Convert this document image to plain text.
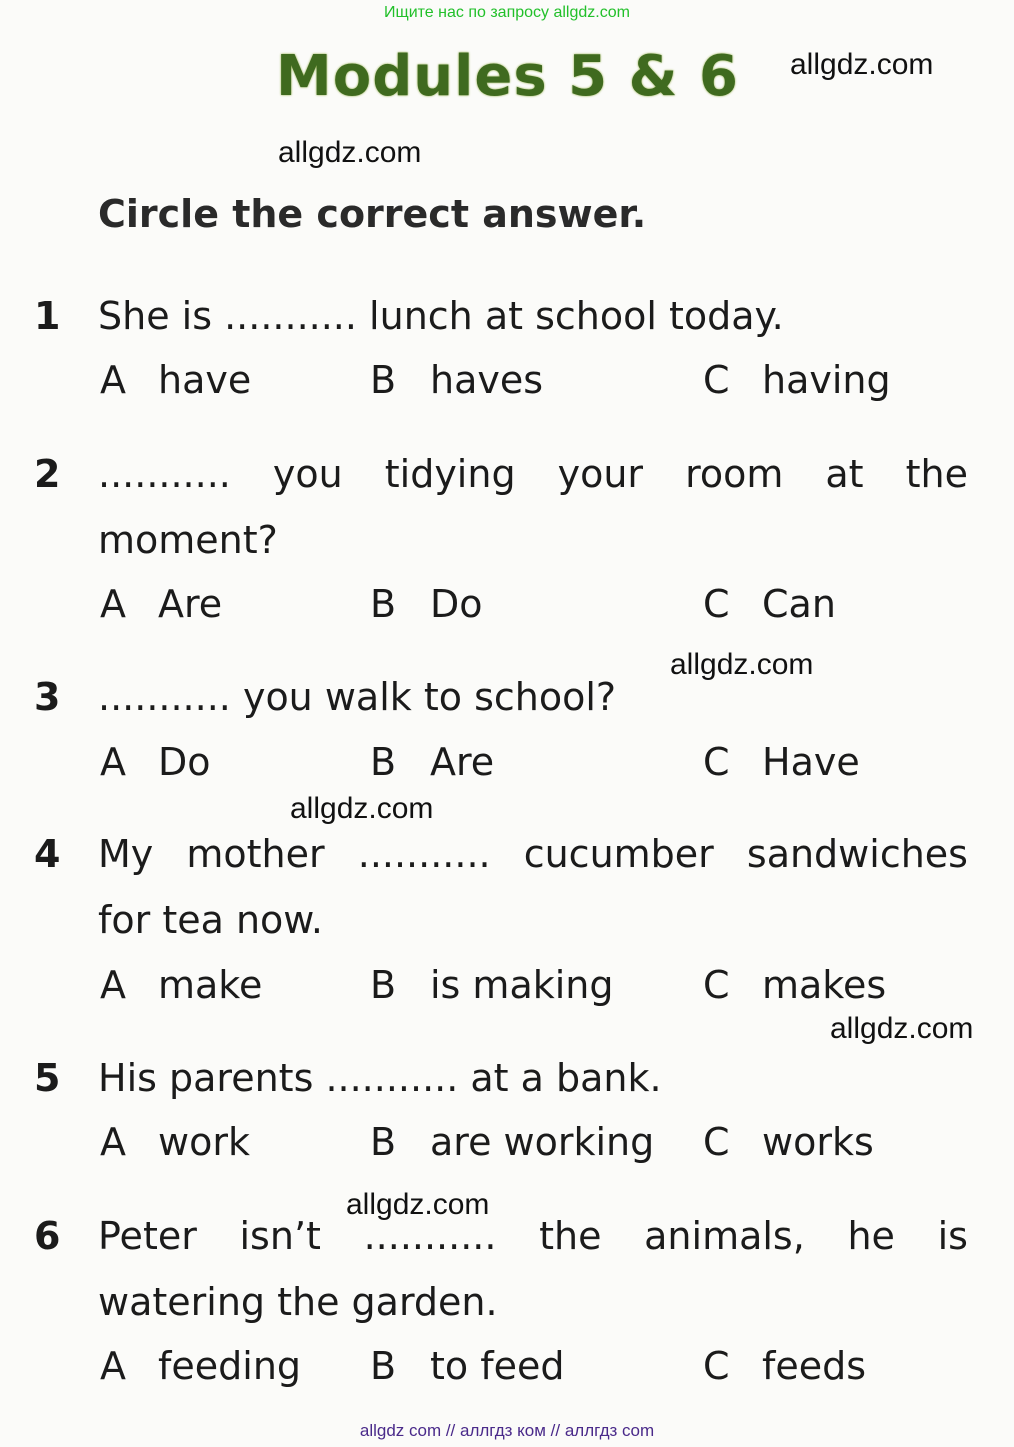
Ищите нас по запросу allgdz.com
Modules 5 & 6
Circle the correct answer.
allgdz.com
allgdz.com
allgdz.com
allgdz.com
allgdz.com
allgdz.com
1 She is ........... lunch at school today.
A have	B haves	C having
2 ........... you tidying your room at the
moment?
A Are	B Do	C Can
3 ........... you walk to school?
A Do	B Are	C Have
4 My mother ........... cucumber sandwiches
for tea now.
A make	B is making C makes
5 His parents ........... at a bank.
A work	B are working C works
6 Peter isn’t ........... the animals, he is
watering the garden.
A feeding B to feed	C feeds
allgdz com // аллгдз ком // аллгдз com
